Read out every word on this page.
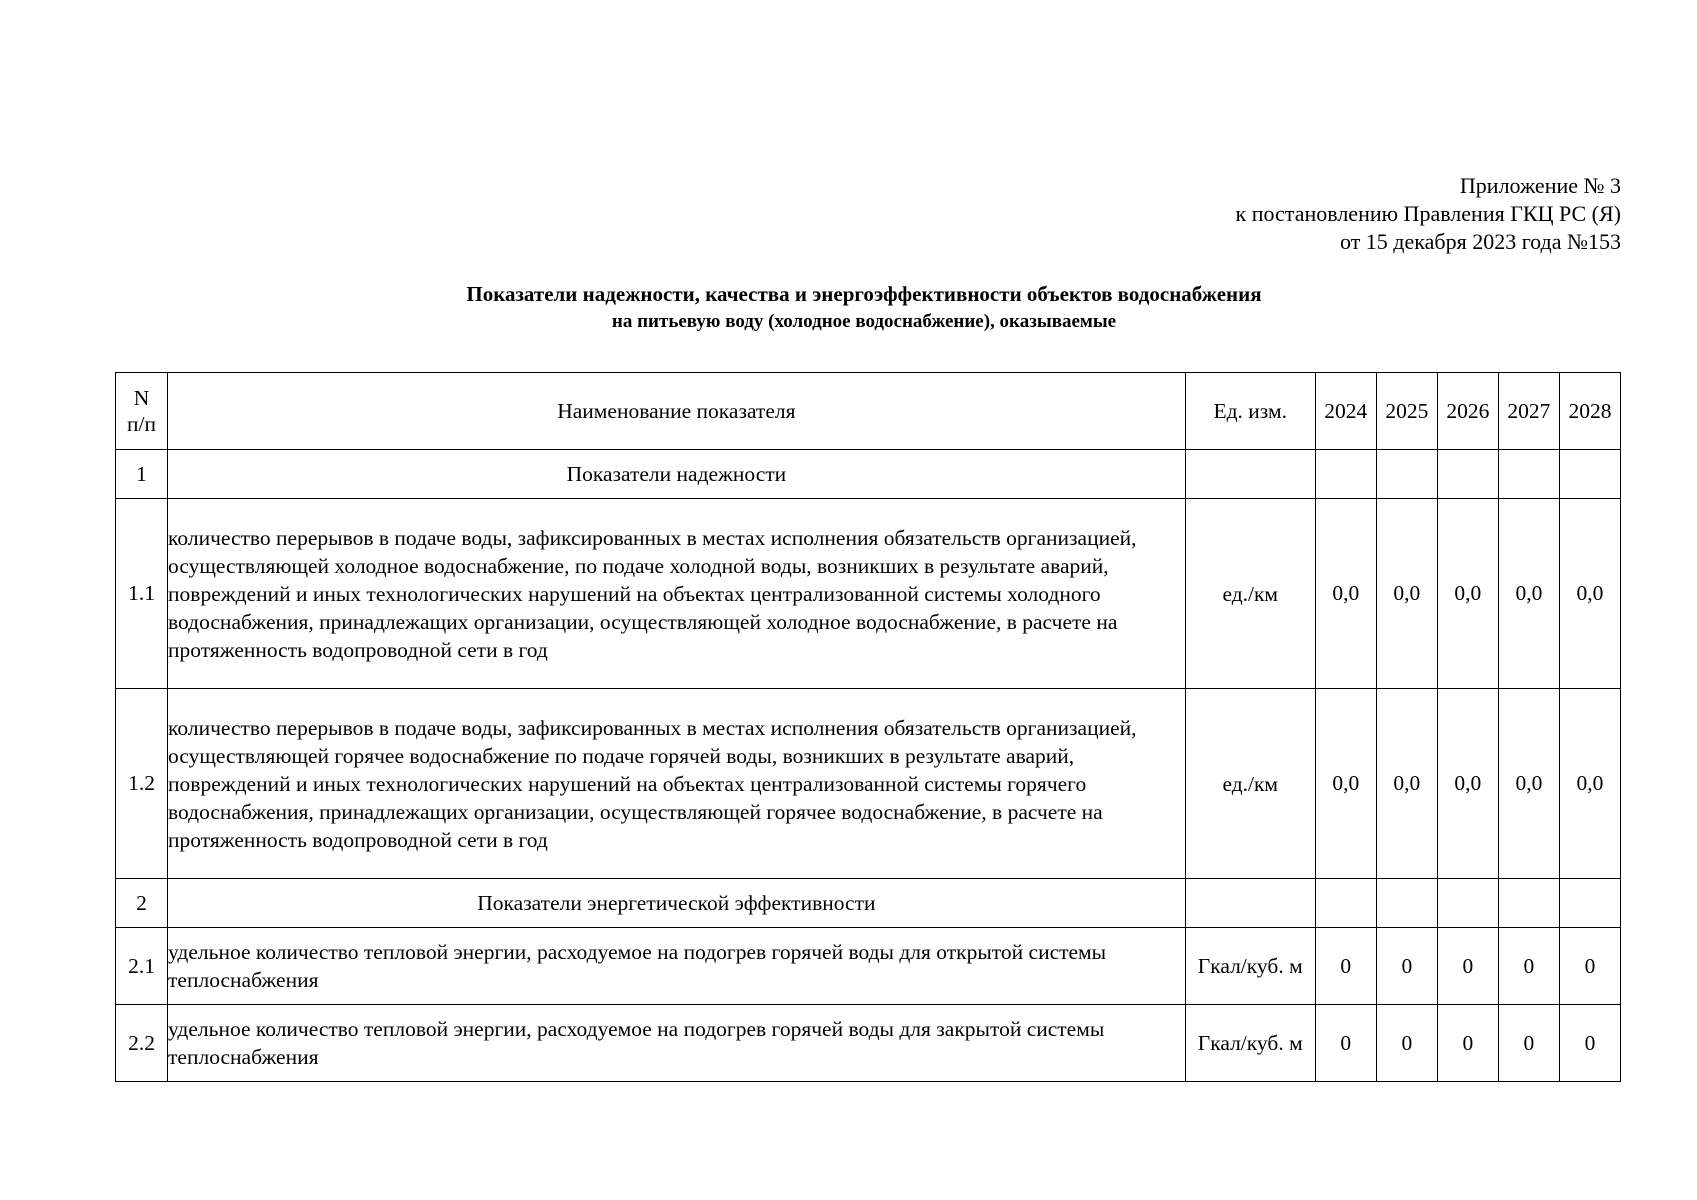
Приложение № 3
к постановлению Правления ГКЦ РС (Я)
от 15 декабря 2023 года №153
Показатели надежности, качества и энергоэффективности объектов водоснабжения
на питьевую воду (холодное водоснабжение), оказываемые
N
п/п	Наименование показателя	Ед. изм.	2024	2025	2026	2027	2028
1	Показатели надежности						
1.1	количество перерывов в подаче воды, зафиксированных в местах исполнения обязательств организацией, осуществляющей холодное водоснабжение, по подаче холодной воды, возникших в результате аварий, повреждений и иных технологических нарушений на объектах централизованной системы холодного водоснабжения, принадлежащих организации, осуществляющей холодное водоснабжение, в расчете на протяженность водопроводной сети в год	ед./км	0,0	0,0	0,0	0,0	0,0
1.2	количество перерывов в подаче воды, зафиксированных в местах исполнения обязательств организацией, осуществляющей горячее водоснабжение по подаче горячей воды, возникших в результате аварий, повреждений и иных технологических нарушений на объектах централизованной системы горячего водоснабжения, принадлежащих организации, осуществляющей горячее водоснабжение, в расчете на протяженность водопроводной сети в год	ед./км	0,0	0,0	0,0	0,0	0,0
2	Показатели энергетической эффективности						
2.1	удельное количество тепловой энергии, расходуемое на подогрев горячей воды для открытой системы теплоснабжения	Гкал/куб. м	0	0	0	0	0
2.2	удельное количество тепловой энергии, расходуемое на подогрев горячей воды для закрытой системы теплоснабжения	Гкал/куб. м	0	0	0	0	0
